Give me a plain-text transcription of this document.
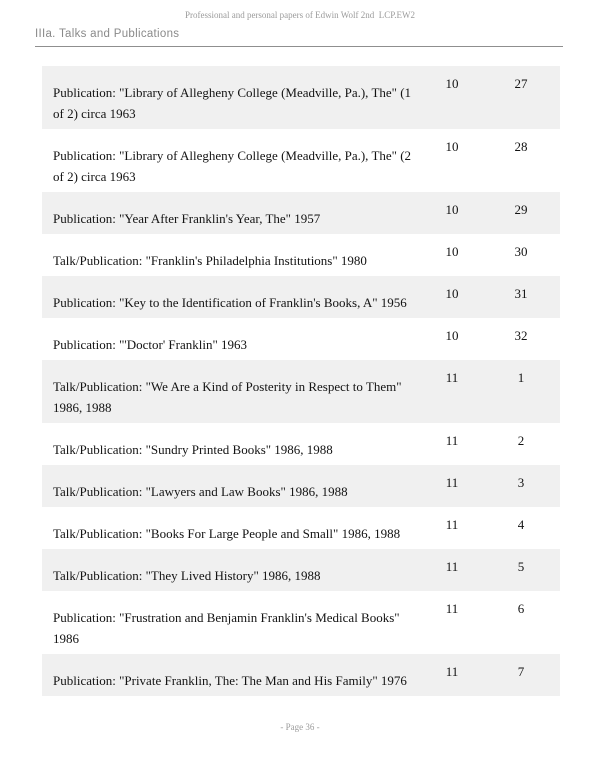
Professional and personal papers of Edwin Wolf 2nd  LCP.EW2
IIIa. Talks and Publications
Publication: "Library of Allegheny College (Meadville, Pa.), The" (1 of 2) circa 1963
10	27
Publication: "Library of Allegheny College (Meadville, Pa.), The" (2 of 2) circa 1963
10	28
Publication: "Year After Franklin's Year, The" 1957
10	29
Talk/Publication: "Franklin's Philadelphia Institutions" 1980
10	30
Publication: "Key to the Identification of Franklin's Books, A" 1956
10	31
Publication: "'Doctor' Franklin" 1963
10	32
Talk/Publication: "We Are a Kind of Posterity in Respect to Them" 1986, 1988
11	1
Talk/Publication: "Sundry Printed Books" 1986, 1988
11	2
Talk/Publication: "Lawyers and Law Books" 1986, 1988
11	3
Talk/Publication: "Books For Large People and Small" 1986, 1988
11	4
Talk/Publication: "They Lived History" 1986, 1988
11	5
Publication: "Frustration and Benjamin Franklin's Medical Books" 1986
11	6
Publication: "Private Franklin, The: The Man and His Family" 1976
11	7
- Page 36 -
